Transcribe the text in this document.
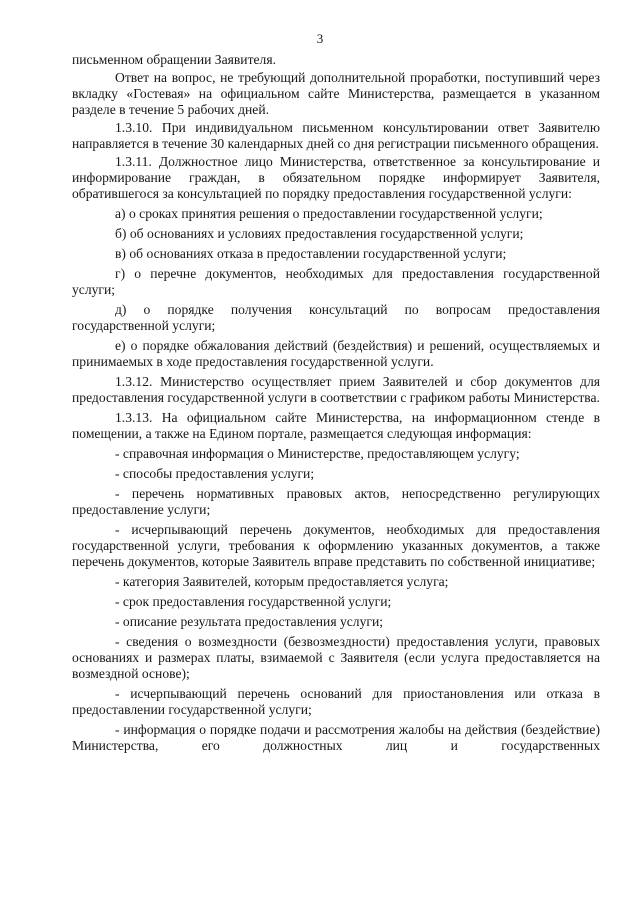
3

письменном обращении Заявителя.

Ответ на вопрос, не требующий дополнительной проработки, поступивший через вкладку «Гостевая» на официальном сайте Министерства, размещается в указанном разделе в течение 5 рабочих дней.

1.3.10. При индивидуальном письменном консультировании ответ Заявителю направляется в течение 30 календарных дней со дня регистрации письменного обращения.

1.3.11. Должностное лицо Министерства, ответственное за консультирование и информирование граждан, в обязательном порядке информирует Заявителя, обратившегося за консультацией по порядку предоставления государственной услуги:

а) о сроках принятия решения о предоставлении государственной услуги;

б) об основаниях и условиях предоставления государственной услуги;

в) об основаниях отказа в предоставлении государственной услуги;

г) о перечне документов, необходимых для предоставления государственной услуги;

д) о порядке получения консультаций по вопросам предоставления государственной услуги;

е) о порядке обжалования действий (бездействия) и решений, осуществляемых и принимаемых в ходе предоставления государственной услуги.

1.3.12. Министерство осуществляет прием Заявителей и сбор документов для предоставления государственной услуги в соответствии с графиком работы Министерства.

1.3.13. На официальном сайте Министерства, на информационном стенде в помещении, а также на Едином портале, размещается следующая информация:

- справочная информация о Министерстве, предоставляющем услугу;

- способы предоставления услуги;

- перечень нормативных правовых актов, непосредственно регулирующих предоставление услуги;

- исчерпывающий перечень документов, необходимых для предоставления государственной услуги, требования к оформлению указанных документов, а также перечень документов, которые Заявитель вправе представить по собственной инициативе;

- категория Заявителей, которым предоставляется услуга;

- срок предоставления государственной услуги;

- описание результата предоставления услуги;

- сведения о возмездности (безвозмездности) предоставления услуги, правовых основаниях и размерах платы, взимаемой с Заявителя (если услуга предоставляется на возмездной основе);

- исчерпывающий перечень оснований для приостановления или отказа в предоставлении государственной услуги;

- информация о порядке подачи и рассмотрения жалобы на действия (бездействие) Министерства, его должностных лиц и государственных
